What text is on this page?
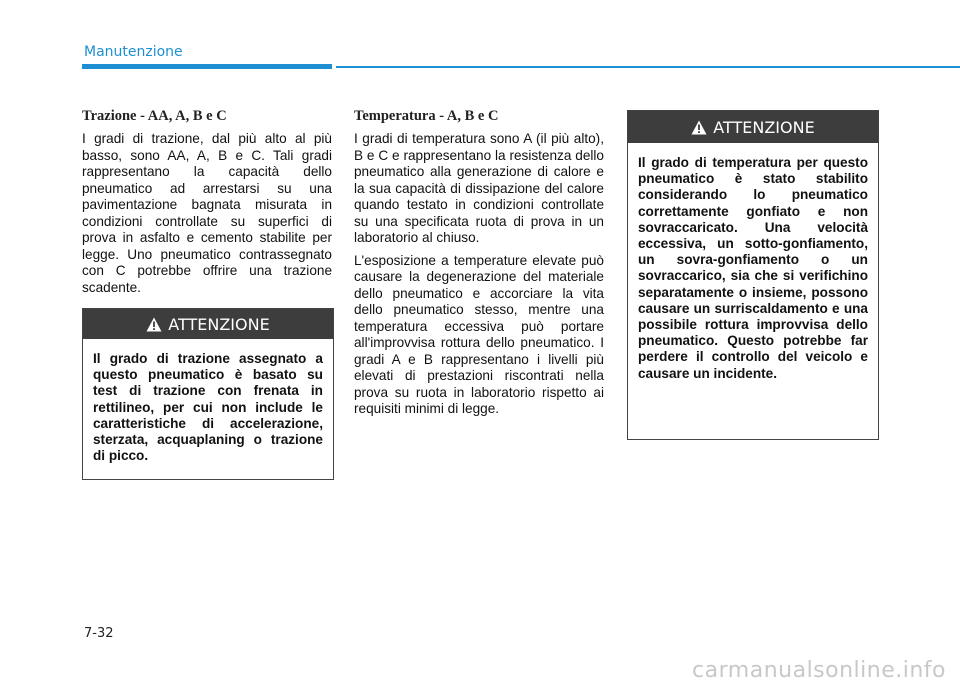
Manutenzione
Trazione - AA, A, B e C

I gradi di trazione, dal più alto al più basso, sono AA, A, B e C. Tali gradi rappresentano la capacità dello pneumatico ad arrestarsi su una pavimentazione bagnata misurata in condizioni controllate su superfici di prova in asfalto e cemento stabilite per legge. Uno pneumatico contrassegnato con C potrebbe offrire una trazione scadente.

Temperatura - A, B e C

I gradi di temperatura sono A (il più alto), B e C e rappresentano la resistenza dello pneumatico alla generazione di calore e la sua capacità di dissipazione del calore quando testato in condizioni controllate su una specificata ruota di prova in un laboratorio al chiuso.

L'esposizione a temperature elevate può causare la degenerazione del materiale dello pneumatico e accorciare la vita dello pneumatico stesso, mentre una temperatura eccessiva può portare all'improvvisa rottura dello pneumatico. I gradi A e B rappresentano i livelli più elevati di prestazioni riscontrati nella prova su ruota in laboratorio rispetto ai requisiti minimi di legge.

ATTENZIONE
Il grado di trazione assegnato a questo pneumatico è basato su test di trazione con frenata in rettilineo, per cui non include le caratteristiche di accelerazione, sterzata, acquaplaning o trazione di picco.
ATTENZIONE
Il grado di temperatura per questo pneumatico è stato stabilito considerando lo pneumatico correttamente gonfiato e non sovraccaricato. Una velocità eccessiva, un sotto-gonfiamento, un sovra-gonfiamento o un sovraccarico, sia che si verifichino separatamente o insieme, possono causare un surriscaldamento e una possibile rottura improvvisa dello pneumatico. Questo potrebbe far perdere il controllo del veicolo e causare un incidente.
7-32
carmanualsonline.info
